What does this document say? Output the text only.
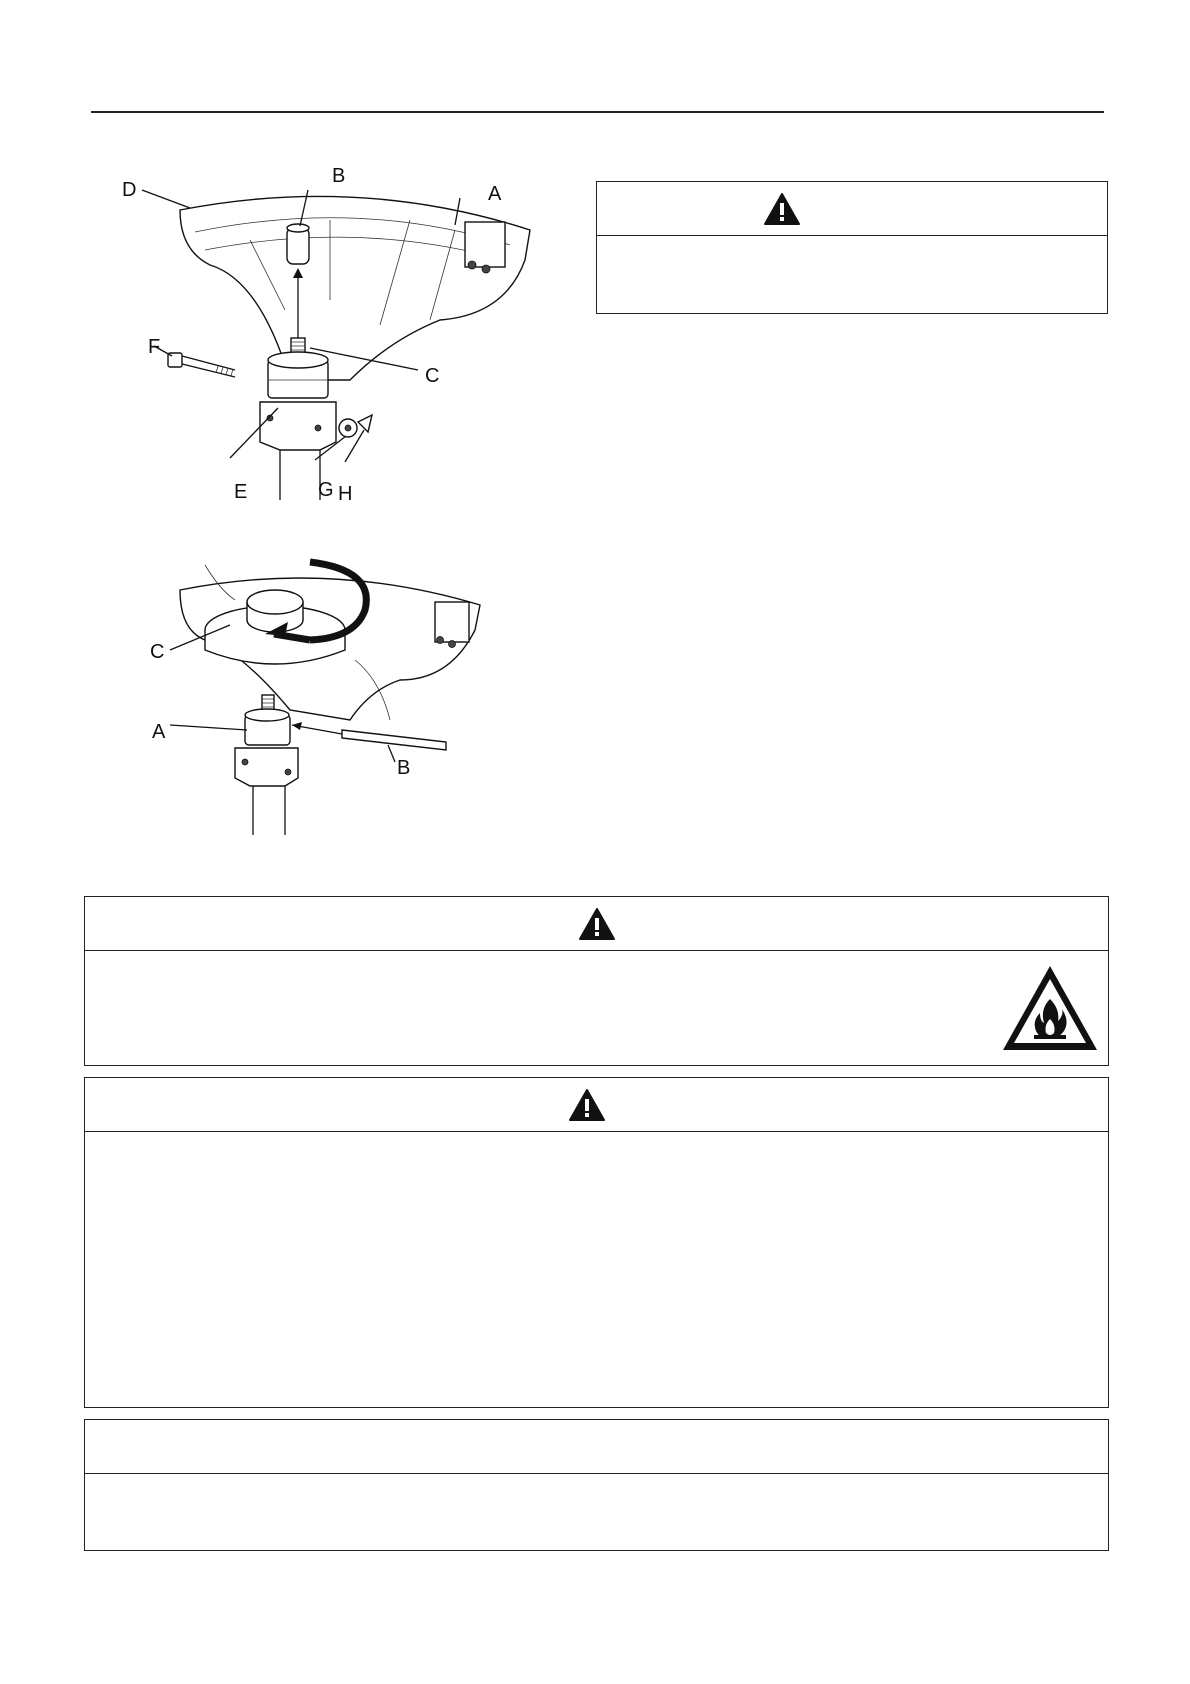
D
B
A
C
F
E	G H
C
A
B
